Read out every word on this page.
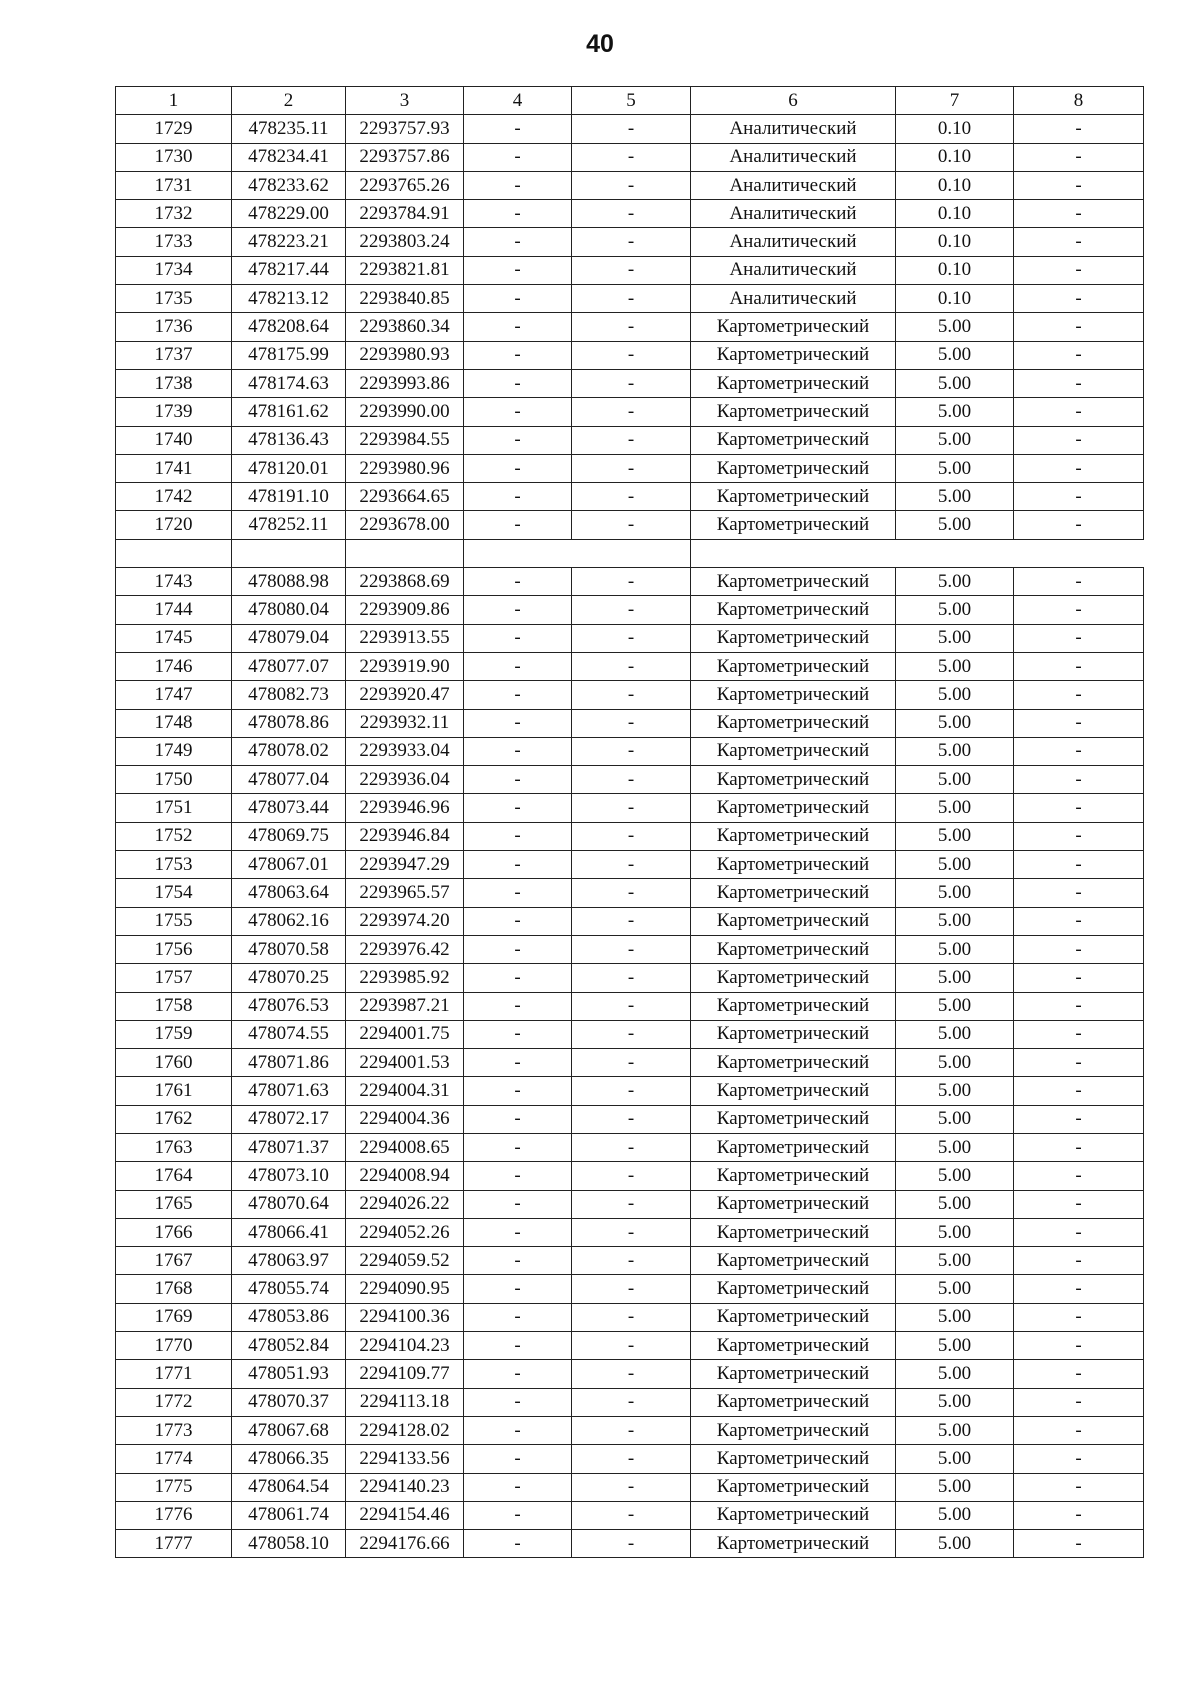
40
1	2	3	4	5	6	7	8
1729	478235.11	2293757.93	-	-	Аналитический	0.10	-
1730	478234.41	2293757.86	-	-	Аналитический	0.10	-
1731	478233.62	2293765.26	-	-	Аналитический	0.10	-
1732	478229.00	2293784.91	-	-	Аналитический	0.10	-
1733	478223.21	2293803.24	-	-	Аналитический	0.10	-
1734	478217.44	2293821.81	-	-	Аналитический	0.10	-
1735	478213.12	2293840.85	-	-	Аналитический	0.10	-
1736	478208.64	2293860.34	-	-	Картометрический	5.00	-
1737	478175.99	2293980.93	-	-	Картометрический	5.00	-
1738	478174.63	2293993.86	-	-	Картометрический	5.00	-
1739	478161.62	2293990.00	-	-	Картометрический	5.00	-
1740	478136.43	2293984.55	-	-	Картометрический	5.00	-
1741	478120.01	2293980.96	-	-	Картометрический	5.00	-
1742	478191.10	2293664.65	-	-	Картометрический	5.00	-
1720	478252.11	2293678.00	-	-	Картометрический	5.00	-

1743	478088.98	2293868.69	-	-	Картометрический	5.00	-
1744	478080.04	2293909.86	-	-	Картометрический	5.00	-
1745	478079.04	2293913.55	-	-	Картометрический	5.00	-
1746	478077.07	2293919.90	-	-	Картометрический	5.00	-
1747	478082.73	2293920.47	-	-	Картометрический	5.00	-
1748	478078.86	2293932.11	-	-	Картометрический	5.00	-
1749	478078.02	2293933.04	-	-	Картометрический	5.00	-
1750	478077.04	2293936.04	-	-	Картометрический	5.00	-
1751	478073.44	2293946.96	-	-	Картометрический	5.00	-
1752	478069.75	2293946.84	-	-	Картометрический	5.00	-
1753	478067.01	2293947.29	-	-	Картометрический	5.00	-
1754	478063.64	2293965.57	-	-	Картометрический	5.00	-
1755	478062.16	2293974.20	-	-	Картометрический	5.00	-
1756	478070.58	2293976.42	-	-	Картометрический	5.00	-
1757	478070.25	2293985.92	-	-	Картометрический	5.00	-
1758	478076.53	2293987.21	-	-	Картометрический	5.00	-
1759	478074.55	2294001.75	-	-	Картометрический	5.00	-
1760	478071.86	2294001.53	-	-	Картометрический	5.00	-
1761	478071.63	2294004.31	-	-	Картометрический	5.00	-
1762	478072.17	2294004.36	-	-	Картометрический	5.00	-
1763	478071.37	2294008.65	-	-	Картометрический	5.00	-
1764	478073.10	2294008.94	-	-	Картометрический	5.00	-
1765	478070.64	2294026.22	-	-	Картометрический	5.00	-
1766	478066.41	2294052.26	-	-	Картометрический	5.00	-
1767	478063.97	2294059.52	-	-	Картометрический	5.00	-
1768	478055.74	2294090.95	-	-	Картометрический	5.00	-
1769	478053.86	2294100.36	-	-	Картометрический	5.00	-
1770	478052.84	2294104.23	-	-	Картометрический	5.00	-
1771	478051.93	2294109.77	-	-	Картометрический	5.00	-
1772	478070.37	2294113.18	-	-	Картометрический	5.00	-
1773	478067.68	2294128.02	-	-	Картометрический	5.00	-
1774	478066.35	2294133.56	-	-	Картометрический	5.00	-
1775	478064.54	2294140.23	-	-	Картометрический	5.00	-
1776	478061.74	2294154.46	-	-	Картометрический	5.00	-
1777	478058.10	2294176.66	-	-	Картометрический	5.00	-
